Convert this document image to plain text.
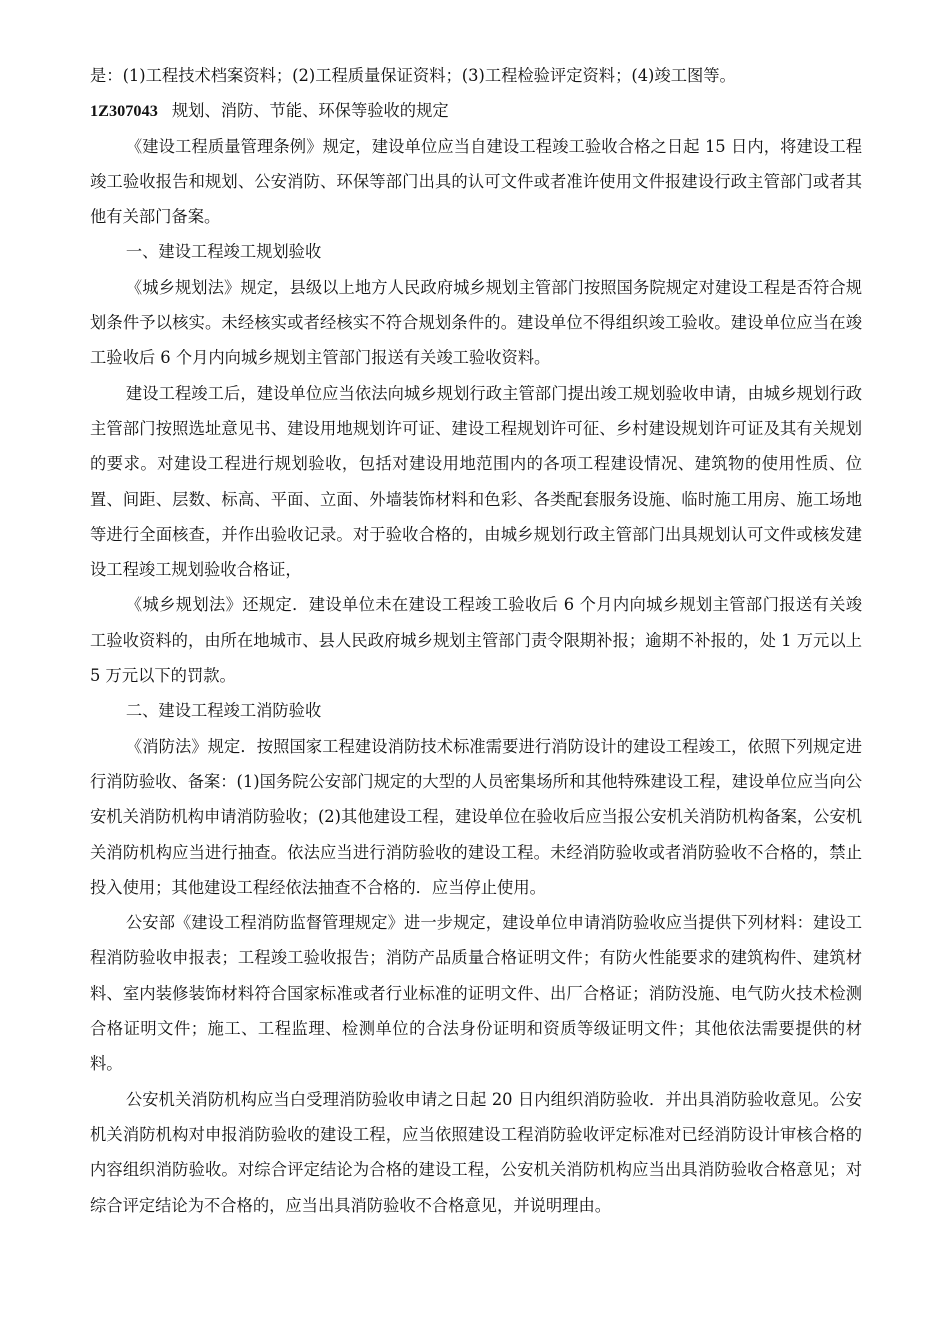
是：(1)工程技术档案资料；(2)工程质量保证资料；(3)工程检验评定资料；(4)竣工图等。

1Z307043 规划、消防、节能、环保等验收的规定

《建设工程质量管理条例》规定，建设单位应当自建设工程竣工验收合格之日起 15 日内，将建设工程竣工验收报告和规划、公安消防、环保等部门出具的认可文件或者准许使用文件报建设行政主管部门或者其他有关部门备案。

一、建设工程竣工规划验收

《城乡规划法》规定，县级以上地方人民政府城乡规划主管部门按照国务院规定对建设工程是否符合规划条件予以核实。未经核实或者经核实不符合规划条件的。建设单位不得组织竣工验收。建设单位应当在竣工验收后 6 个月内向城乡规划主管部门报送有关竣工验收资料。

建设工程竣工后，建设单位应当依法向城乡规划行政主管部门提出竣工规划验收申请，由城乡规划行政主管部门按照选址意见书、建设用地规划许可证、建设工程规划许可征、乡村建设规划许可证及其有关规划的要求。对建设工程进行规划验收，包括对建设用地范围内的各项工程建设情况、建筑物的使用性质、位置、间距、层数、标高、平面、立面、外墙装饰材料和色彩、各类配套服务设施、临时施工用房、施工场地等进行全面核查，并作出验收记录。对于验收合格的，由城乡规划行政主管部门出具规划认可文件或核发建设工程竣工规划验收合格证，

《城乡规划法》还规定．建设单位未在建设工程竣工验收后 6 个月内向城乡规划主管部门报送有关竣工验收资料的，由所在地城市、县人民政府城乡规划主管部门责令限期补报；逾期不补报的，处 1 万元以上 5 万元以下的罚款。

二、建设工程竣工消防验收

《消防法》规定．按照国家工程建设消防技术标准需要进行消防设计的建设工程竣工，依照下列规定进行消防验收、备案：(1)国务院公安部门规定的大型的人员密集场所和其他特殊建设工程，建设单位应当向公安机关消防机构申请消防验收；(2)其他建设工程，建设单位在验收后应当报公安机关消防机构备案，公安机关消防机构应当进行抽查。依法应当进行消防验收的建设工程。未经消防验收或者消防验收不合格的，禁止投入使用；其他建设工程经依法抽查不合格的．应当停止使用。

公安部《建设工程消防监督管理规定》进一步规定，建设单位申请消防验收应当提供下列材料：建设工程消防验收申报表；工程竣工验收报告；消防产品质量合格证明文件；有防火性能要求的建筑构件、建筑材料、室内装修装饰材料符合国家标准或者行业标准的证明文件、出厂合格证；消防没施、电气防火技术检测合格证明文件；施工、工程监理、检测单位的合法身份证明和资质等级证明文件；其他依法需要提供的材料。

公安机关消防机构应当白受理消防验收申请之日起 20 日内组织消防验收．并出具消防验收意见。公安机关消防机构对申报消防验收的建设工程，应当依照建设工程消防验收评定标准对已经消防设计审核合格的内容组织消防验收。对综合评定结论为合格的建设工程，公安机关消防机构应当出具消防验收合格意见；对综合评定结论为不合格的，应当出具消防验收不合格意见，并说明理由。
